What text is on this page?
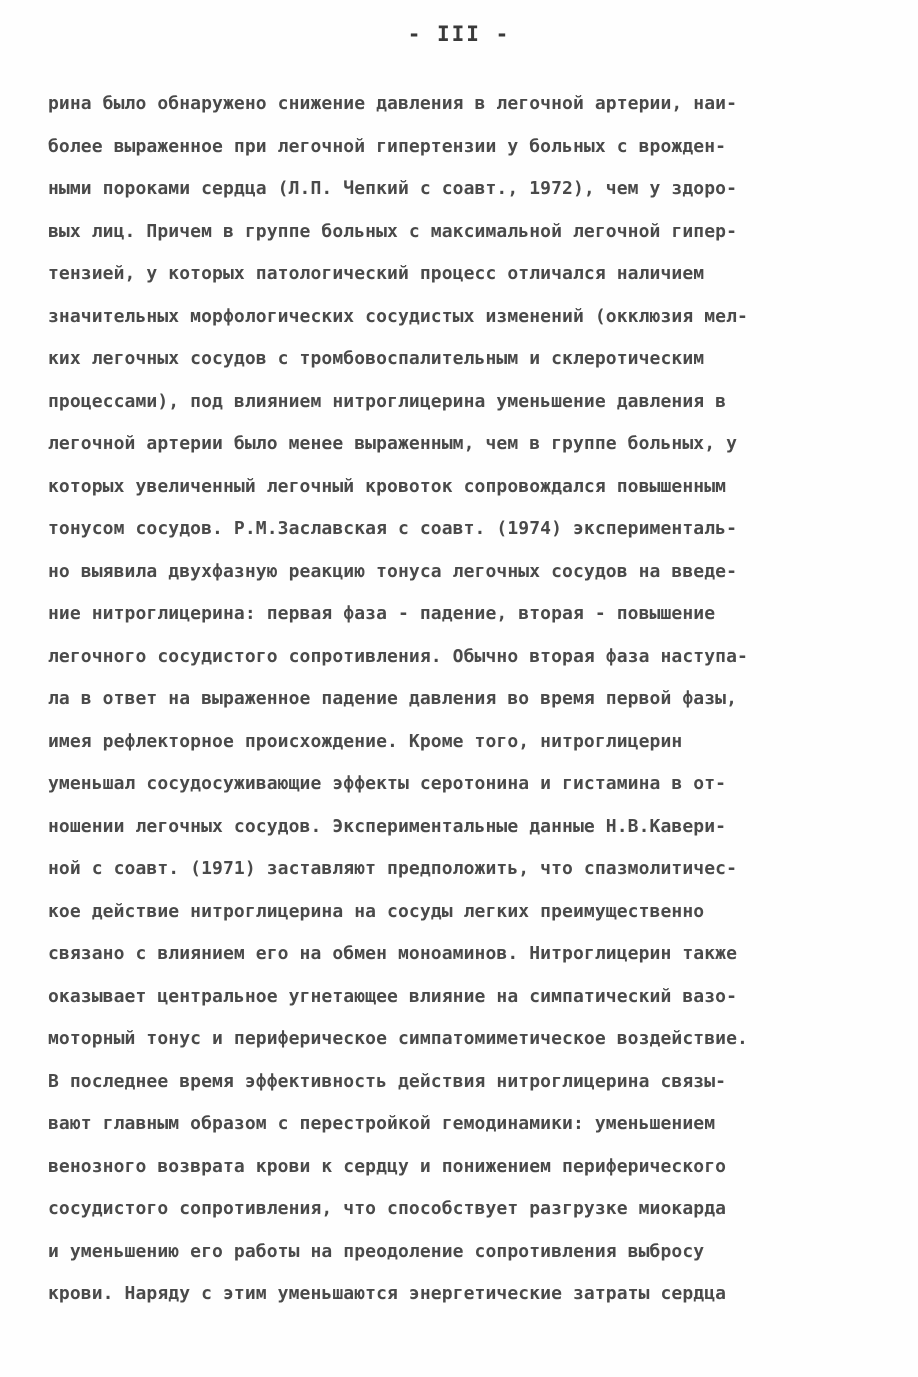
- III -
рина было обнаружено снижение давления в легочной артерии, наи-
более выраженное при легочной гипертензии у больных с врожден-
ными пороками сердца (Л.П. Чепкий с соавт., 1972), чем у здоро-
вых лиц. Причем в группе больных с максимальной легочной гипер-
тензией, у которых патологический процесс отличался наличием
значительных морфологических сосудистых изменений (окклюзия мел-
ких легочных сосудов с тромбовоспалительным и склеротическим
процессами), под влиянием нитроглицерина уменьшение давления в
легочной артерии было менее выраженным, чем в группе больных, у
которых увеличенный легочный кровоток сопровождался повышенным
тонусом сосудов. Р.М.Заславская с соавт. (1974) эксперименталь-
но выявила двухфазную реакцию тонуса легочных сосудов на введе-
ние нитроглицерина: первая фаза - падение, вторая - повышение
легочного сосудистого сопротивления. Обычно вторая фаза наступа-
ла в ответ на выраженное падение давления во время первой фазы,
имея рефлекторное происхождение. Кроме того, нитроглицерин
уменьшал сосудосуживающие эффекты серотонина и гистамина в от-
ношении легочных сосудов. Экспериментальные данные Н.В.Кавери-
ной с соавт. (1971) заставляют предположить, что спазмолитичес-
кое действие нитроглицерина на сосуды легких преимущественно
связано с влиянием его на обмен моноаминов. Нитроглицерин также
оказывает центральное угнетающее влияние на симпатический вазо-
моторный тонус и периферическое симпатомиметическое воздействие.
В последнее время эффективность действия нитроглицерина связы-
вают главным образом с перестройкой гемодинамики: уменьшением
венозного возврата крови к сердцу и понижением периферического
сосудистого сопротивления, что способствует разгрузке миокарда
и уменьшению его работы на преодоление сопротивления выбросу
крови. Наряду с этим уменьшаются энергетические затраты сердца
